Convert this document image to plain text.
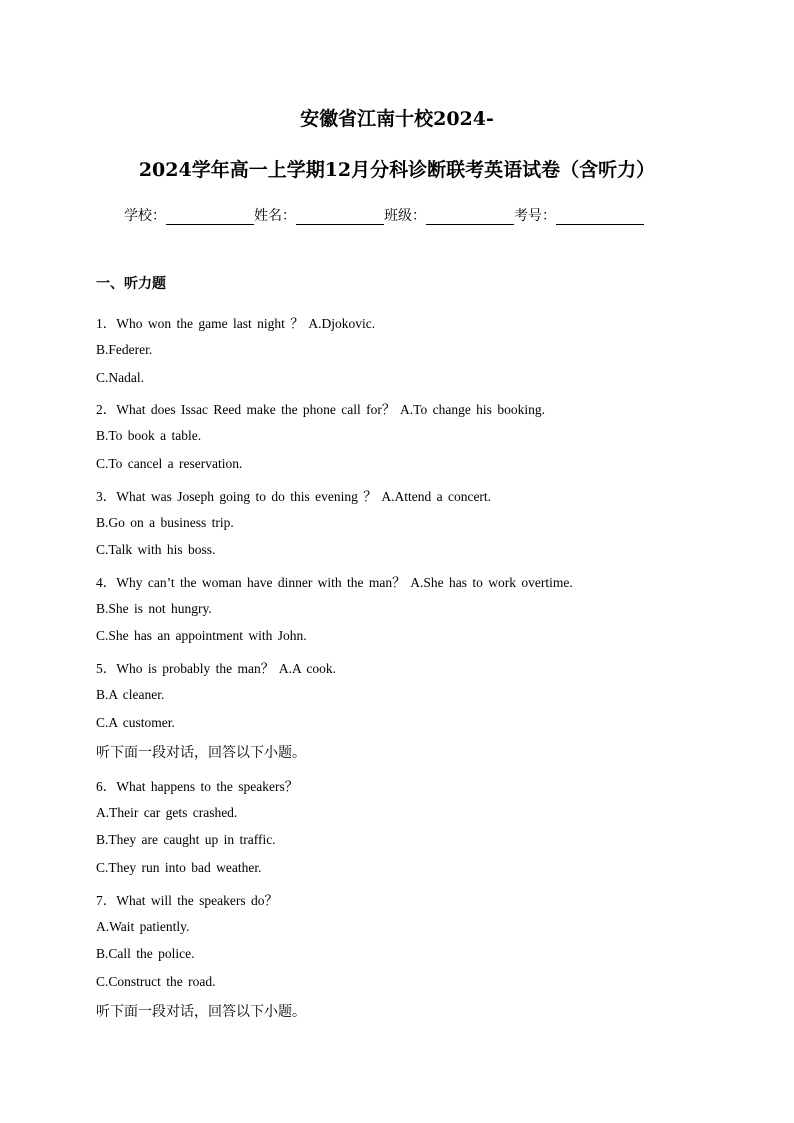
安徽省江南十校2024-
2024学年高一上学期12月分科诊断联考英语试卷（含听力）
学校：	姓名：	班级：	考号：
一、听力题
1．Who won the game last night ？ A.Djokovic.
B.Federer.
C.Nadal.
2．What does Issac Reed make the phone call for？ A.To change his booking.
B.To book a table.
C.To cancel a reservation.
3．What was Joseph going to do this evening ？ A.Attend a concert.
B.Go on a business trip.
C.Talk with his boss.
4．Why can’t the woman have dinner with the man？ A.She has to work overtime.
B.She is not hungry.
C.She has an appointment with John.
5．Who is probably the man？ A.A cook.
B.A cleaner.
C.A customer.
听下面一段对话，回答以下小题。
6．What happens to the speakers？
A.Their car gets crashed.
B.They are caught up in traffic.
C.They run into bad weather.
7．What will the speakers do？
A.Wait patiently.
B.Call the police.
C.Construct the road.
听下面一段对话，回答以下小题。
